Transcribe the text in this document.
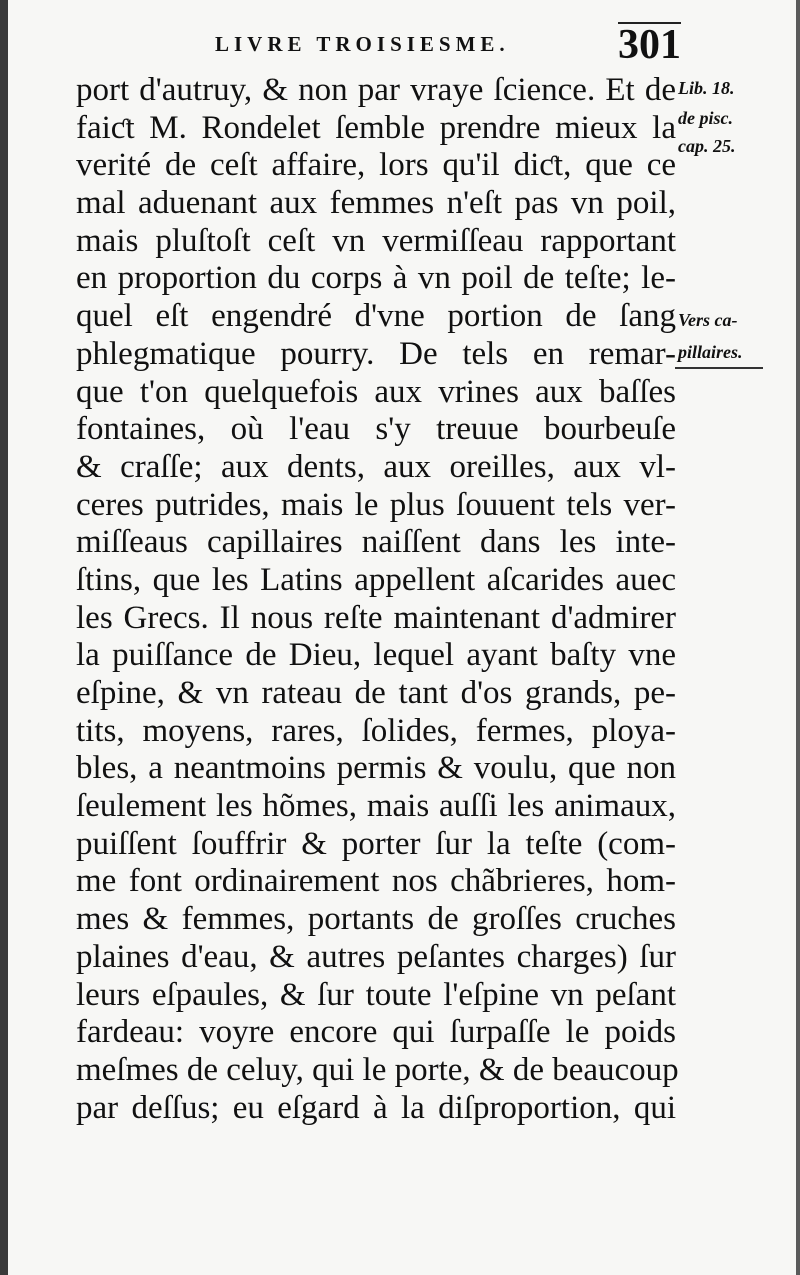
LIVRE TROISIESME.	301
Lib. 18.
de pisc.
cap. 25.
Vers ca-
pillaires.
port d'autruy, & non par vraye ſcience. Et de
faiƈt M. Rondelet ſemble prendre mieux la
verité de ceſt affaire, lors qu'il diƈt, que ce
mal aduenant aux femmes n'eſt pas vn poil,
mais pluſtoſt ceſt vn vermiſſeau rapportant
en proportion du corps à vn poil de teſte; le-
quel eſt engendré d'vne portion de ſang
phlegmatique pourry. De tels en remar-
que t'on quelquefois aux vrines aux baſſes
fontaines, où l'eau s'y treuue bourbeuſe
& craſſe; aux dents, aux oreilles, aux vl-
ceres putrides, mais le plus ſouuent tels ver-
miſſeaus capillaires naiſſent dans les inte-
ſtins, que les Latins appellent aſcarides auec
les Grecs. Il nous reſte maintenant d'admirer
la puiſſance de Dieu, lequel ayant baſty vne
eſpine, & vn rateau de tant d'os grands, pe-
tits, moyens, rares, ſolides, fermes, ploya-
bles, a neantmoins permis & voulu, que non
ſeulement les hõmes, mais auſſi les animaux,
puiſſent ſouffrir & porter ſur la teſte (com-
me font ordinairement nos chãbrieres, hom-
mes & femmes, portants de groſſes cruches
plaines d'eau, & autres peſantes charges) ſur
leurs eſpaules, & ſur toute l'eſpine vn peſant
fardeau: voyre encore qui ſurpaſſe le poids
meſmes de celuy, qui le porte, & de beaucoup
par deſſus; eu eſgard à la diſproportion, qui
